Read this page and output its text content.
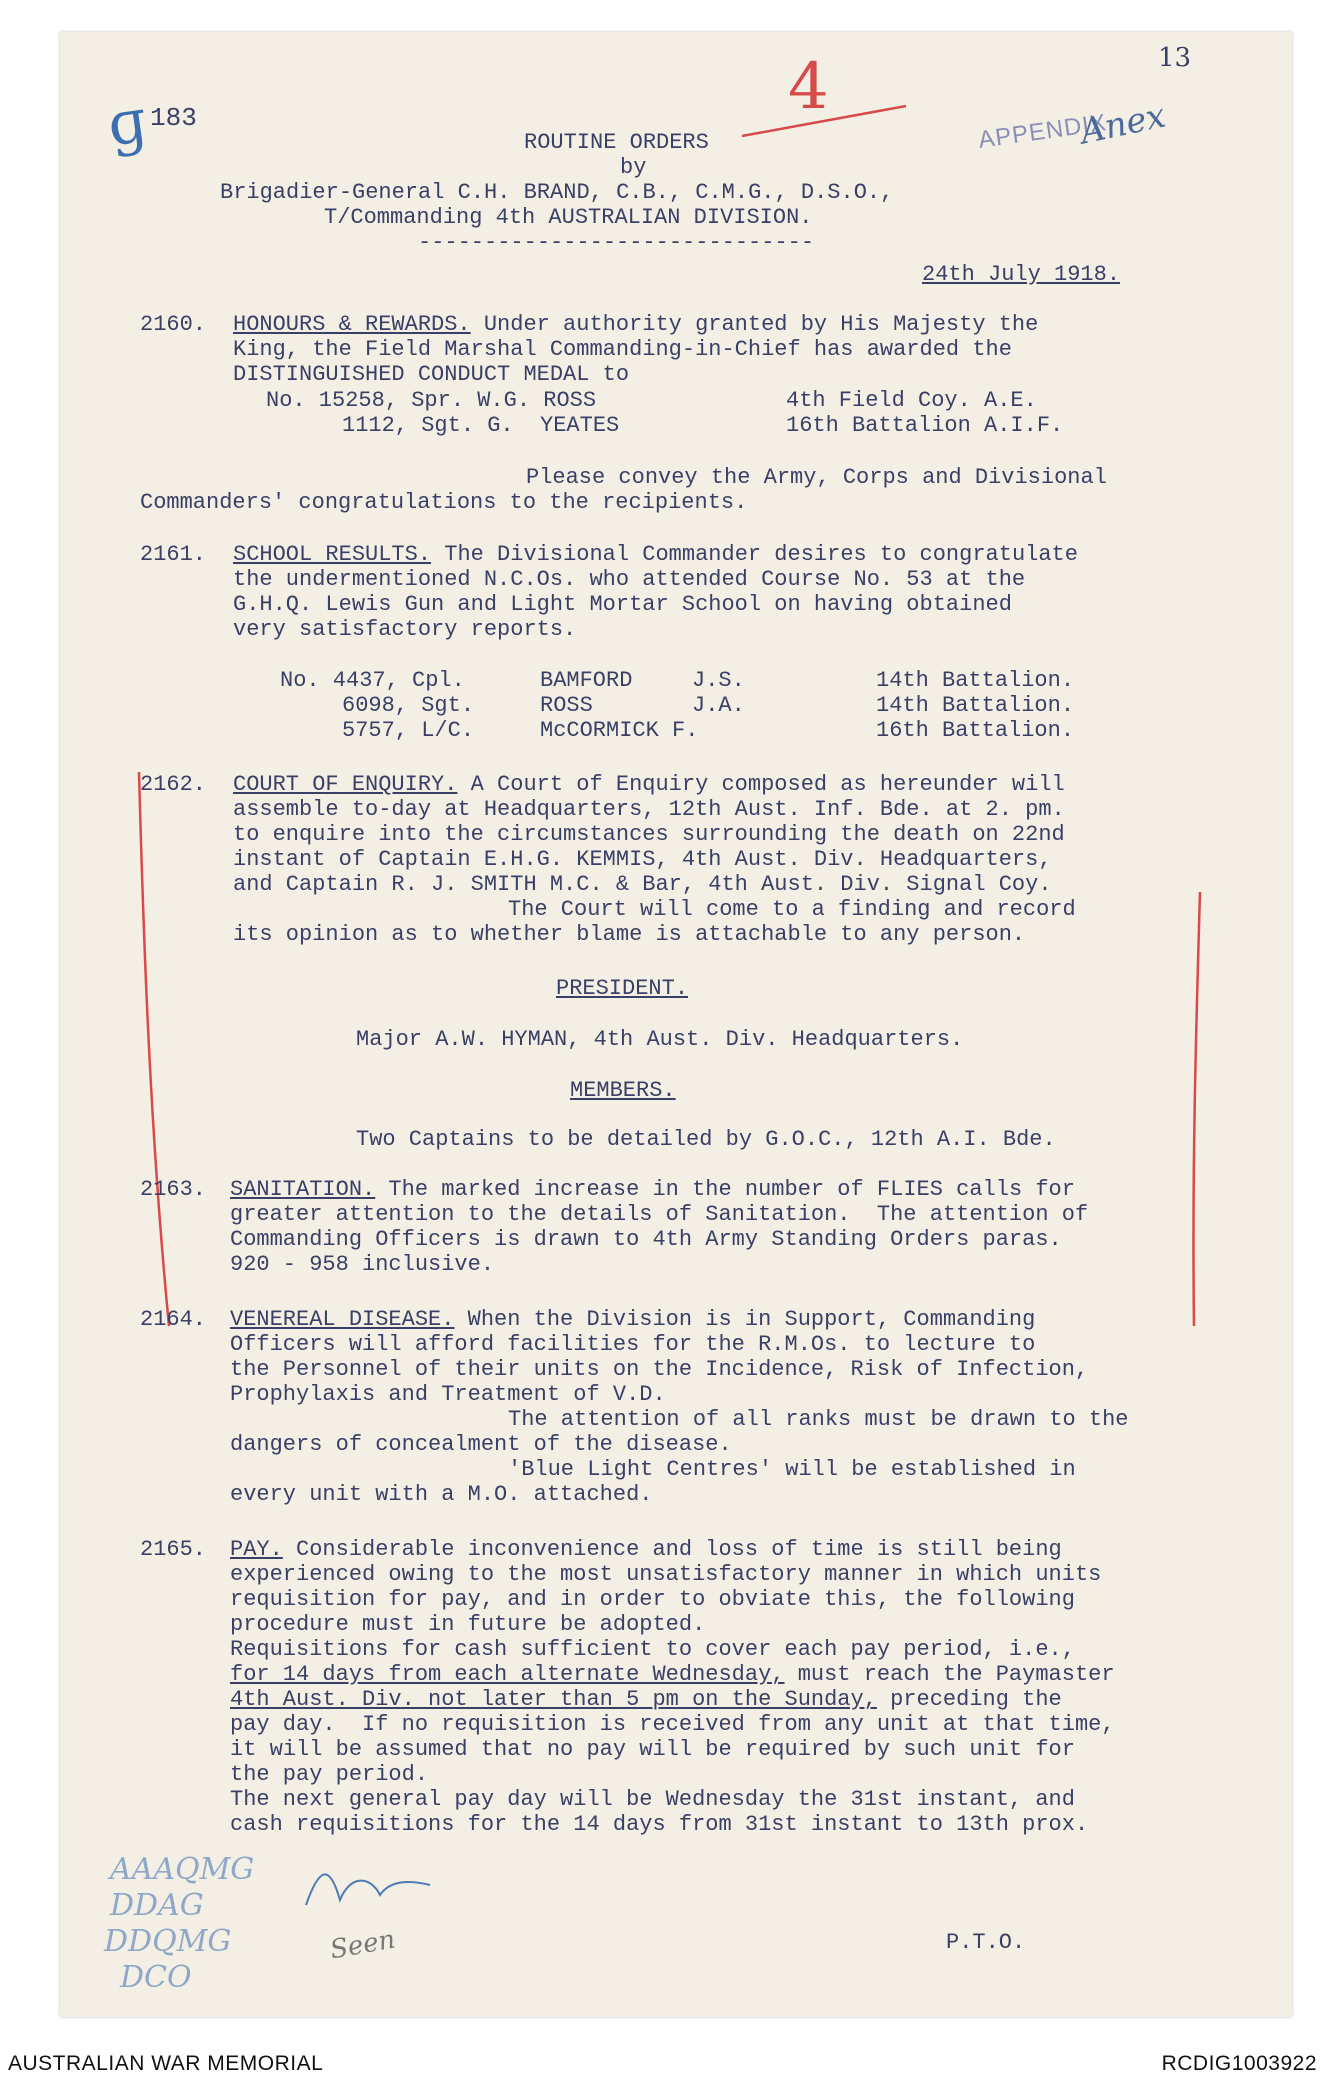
ɡ
183
13
4
APPENDIX
Anex
ROUTINE ORDERS
by
Brigadier-General C.H. BRAND, C.B., C.M.G., D.S.O.,
T/Commanding 4th AUSTRALIAN DIVISION.
------------------------------
24th July 1918.
2160. HONOURS & REWARDS. Under authority granted by His Majesty the
King, the Field Marshal Commanding-in-Chief has awarded the
DISTINGUISHED CONDUCT MEDAL to
No. 15258, Spr. W.G. ROSS	4th Field Coy. A.E.
1112, Sgt. G.  YEATES	16th Battalion A.I.F.
Please convey the Army, Corps and Divisional
Commanders' congratulations to the recipients.
2161. SCHOOL RESULTS. The Divisional Commander desires to congratulate
the undermentioned N.C.Os. who attended Course No. 53 at the
G.H.Q. Lewis Gun and Light Mortar School on having obtained
very satisfactory reports.
No. 4437, Cpl.	BAMFORD	J.S.	14th Battalion.
6098, Sgt.	ROSS	J.A.	14th Battalion.
5757, L/C.	McCORMICK F.	16th Battalion.
2162. COURT OF ENQUIRY. A Court of Enquiry composed as hereunder will
assemble to-day at Headquarters, 12th Aust. Inf. Bde. at 2. pm.
to enquire into the circumstances surrounding the death on 22nd
instant of Captain E.H.G. KEMMIS, 4th Aust. Div. Headquarters,
and Captain R. J. SMITH M.C. & Bar, 4th Aust. Div. Signal Coy.
The Court will come to a finding and record
its opinion as to whether blame is attachable to any person.
PRESIDENT.
Major A.W. HYMAN, 4th Aust. Div. Headquarters.
MEMBERS.
Two Captains to be detailed by G.O.C., 12th A.I. Bde.
2163. SANITATION. The marked increase in the number of FLIES calls for
greater attention to the details of Sanitation.  The attention of
Commanding Officers is drawn to 4th Army Standing Orders paras.
920 - 958 inclusive.
2164. VENEREAL DISEASE. When the Division is in Support, Commanding
Officers will afford facilities for the R.M.Os. to lecture to
the Personnel of their units on the Incidence, Risk of Infection,
Prophylaxis and Treatment of V.D.
The attention of all ranks must be drawn to the
dangers of concealment of the disease.
'Blue Light Centres' will be established in
every unit with a M.O. attached.
2165. PAY. Considerable inconvenience and loss of time is still being
experienced owing to the most unsatisfactory manner in which units
requisition for pay, and in order to obviate this, the following
procedure must in future be adopted.
Requisitions for cash sufficient to cover each pay period, i.e.,
for 14 days from each alternate Wednesday, must reach the Paymaster
4th Aust. Div. not later than 5 pm on the Sunday, preceding the
pay day.  If no requisition is received from any unit at that time,
it will be assumed that no pay will be required by such unit for
the pay period.
The next general pay day will be Wednesday the 31st instant, and
cash requisitions for the 14 days from 31st instant to 13th prox.
AAAQMG
DDAG
DDQMG
DCO
Seen	P.T.O.
AUSTRALIAN WAR MEMORIAL	RCDIG1003922
